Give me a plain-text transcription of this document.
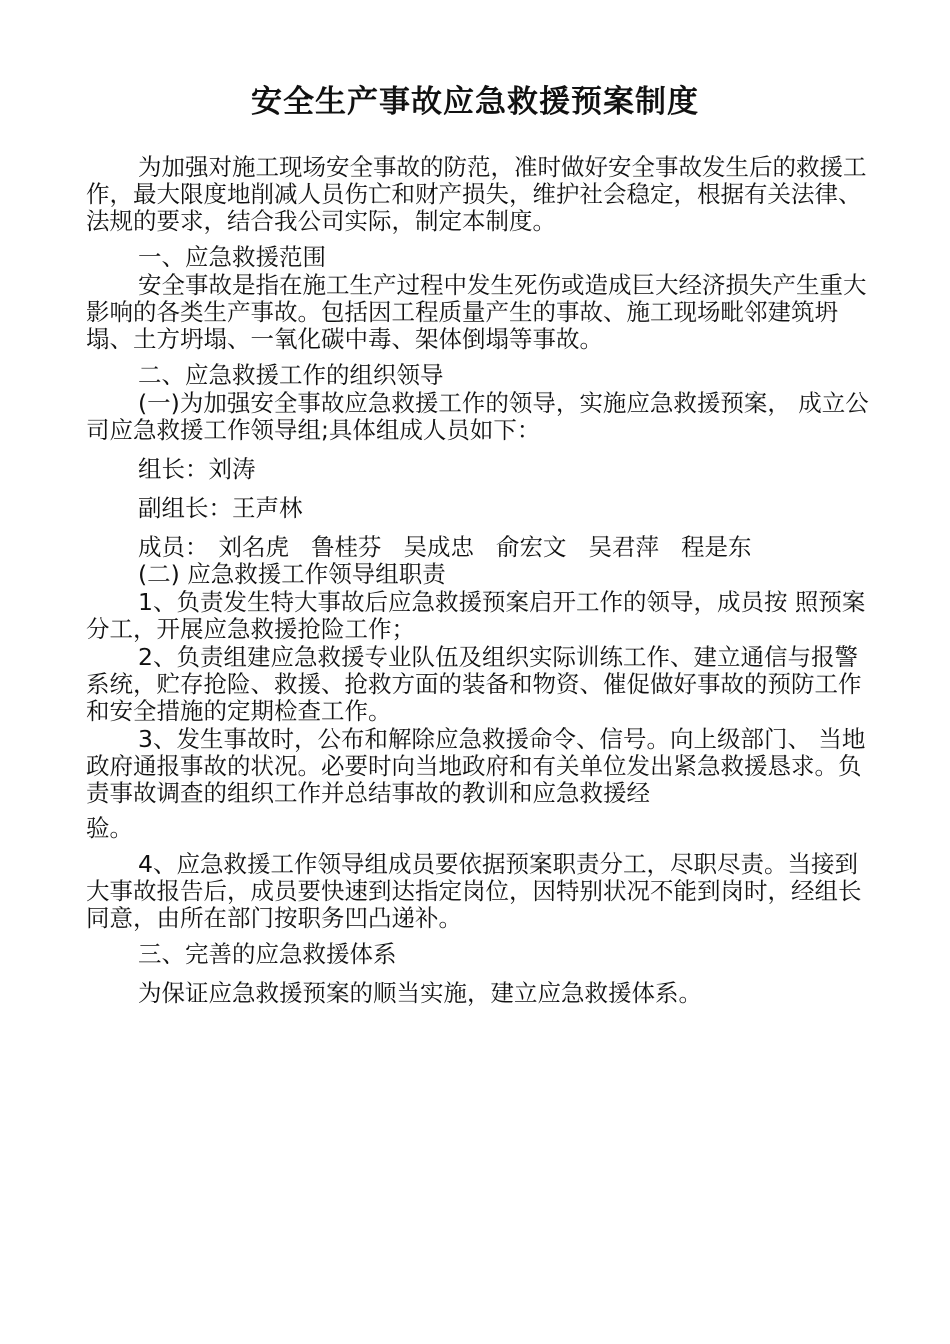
安全生产事故应急救援预案制度

为加强对施工现场安全事故的防范，准时做好安全事故发生后的救援工作，最大限度地削减人员伤亡和财产损失，维护社会稳定，根据有关法律、法规的要求，结合我公司实际，制定本制度。

一、应急救援范围

安全事故是指在施工生产过程中发生死伤或造成巨大经济损失产生重大影响的各类生产事故。包括因工程质量产生的事故、施工现场毗邻建筑坍塌、土方坍塌、一氧化碳中毒、架体倒塌等事故。

二、应急救援工作的组织领导

(一)为加强安全事故应急救援工作的领导，实施应急救援预案， 成立公司应急救援工作领导组;具体组成人员如下：

组长：刘涛

副组长：王声林

成员： 刘名虎 鲁桂芬 吴成忠 俞宏文 吴君萍 程是东

(二) 应急救援工作领导组职责

1、负责发生特大事故后应急救援预案启开工作的领导，成员按 照预案分工，开展应急救援抢险工作；

2、负责组建应急救援专业队伍及组织实际训练工作、建立通信与报警系统，贮存抢险、救援、抢救方面的装备和物资、催促做好事故的预防工作和安全措施的定期检查工作。

3、发生事故时，公布和解除应急救援命令、信号。向上级部门、 当地政府通报事故的状况。必要时向当地政府和有关单位发出紧急救援恳求。负责事故调查的组织工作并总结事故的教训和应急救援经

验。

4、应急救援工作领导组成员要依据预案职责分工，尽职尽责。当接到大事故报告后，成员要快速到达指定岗位，因特别状况不能到岗时，经组长同意，由所在部门按职务凹凸递补。

三、完善的应急救援体系

为保证应急救援预案的顺当实施，建立应急救援体系。
